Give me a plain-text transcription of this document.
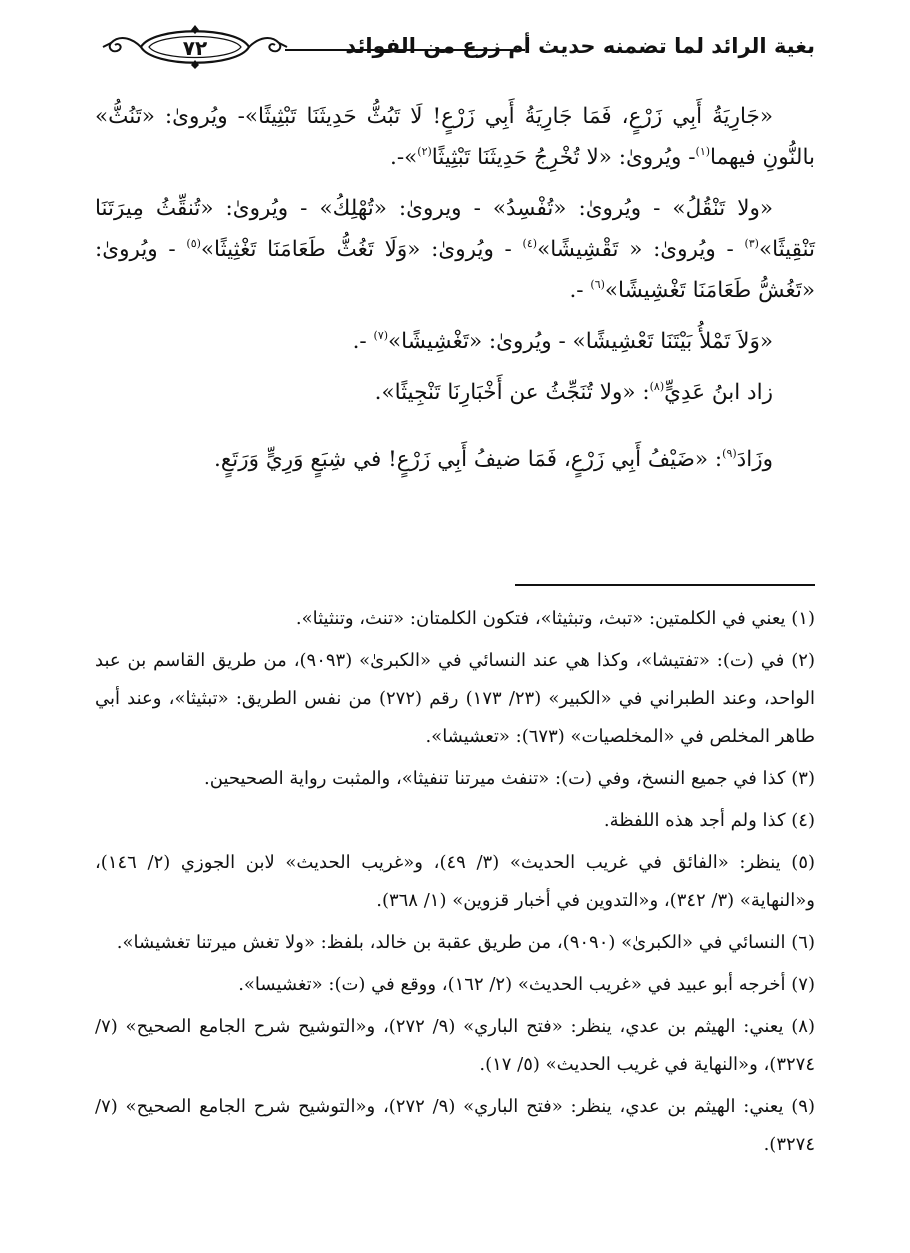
بغية الرائد لما تضمنه حديث أم زرع من الفوائد
٧٢

«جَارِيَةُ أَبِي زَرْعٍ، فَمَا جَارِيَةُ أَبِي زَرْعٍ! لَا تَبُثُّ حَدِيثَنَا تَبْثِيثًا»- ويُروىٰ: «تَنُثُّ» بالنُّونِ فيهما$^{(١)}$- ويُروىٰ: «لا تُخْرِجُ حَدِيثَنَا تَبْثِيثًا$^{(٢)}$»-.

«ولا تَنْقُلُ» - ويُروىٰ: «تُفْسِدُ» - ويروىٰ: «تُهْلِكُ» - ويُروىٰ: «تُنقِّثُ مِيرَتَنَا تَنْقِيثًا»$^{(٣)}$ - ويُروىٰ: « تَقْشِيشًا»$^{(٤)}$ - ويُروىٰ: «وَلَا تَغُثُّ طَعَامَنَا تَغْثِيثًا»$^{(٥)}$ - ويُروىٰ: «تَغُشُّ طَعَامَنَا تَغْشِيشًا»$^{(٦)}$ -.

«وَلاَ تَمْلأُ بَيْتَنَا تَعْشِيشًا» - ويُروىٰ: «تَغْشِيشًا»$^{(٧)}$ -.

زاد ابنُ عَدِيٍّ$^{(٨)}$: «ولا تُنَجِّثُ عن أَخْبَارِنَا تَنْجِيثًا».

وزَادَ$^{(٩)}$: «ضَيْفُ أَبِي زَرْعٍ، فَمَا ضيفُ أَبِي زَرْعٍ! في شِبَعٍ وَرِيٍّ وَرَتَعٍ.

(١) يعني في الكلمتين: «تبث، وتبثيثا»، فتكون الكلمتان: «تنث، وتنثيثا».

(٢) في (ت): «تفتيشا»، وكذا هي عند النسائي في «الكبرىٰ» (٩٠٩٣)، من طريق القاسم بن عبد الواحد، وعند الطبراني في «الكبير» (٢٣/ ١٧٣) رقم (٢٧٢) من نفس الطريق: «تبثيثا»، وعند أبي طاهر المخلص في «المخلصيات» (٦٧٣): «تعشيشا».

(٣) كذا في جميع النسخ، وفي (ت): «تنفث ميرتنا تنفيثا»، والمثبت رواية الصحيحين.

(٤) كذا ولم أجد هذه اللفظة.

(٥) ينظر: «الفائق في غريب الحديث» (٣/ ٤٩)، و«غريب الحديث» لابن الجوزي (٢/ ١٤٦)، و«النهاية» (٣/ ٣٤٢)، و«التدوين في أخبار قزوين» (١/ ٣٦٨).

(٦) النسائي في «الكبرىٰ» (٩٠٩٠)، من طريق عقبة بن خالد، بلفظ: «ولا تغش ميرتنا تغشيشا».

(٧) أخرجه أبو عبيد في «غريب الحديث» (٢/ ١٦٢)، ووقع في (ت): «تغشيسا».

(٨) يعني: الهيثم بن عدي، ينظر: «فتح الباري» (٩/ ٢٧٢)، و«التوشيح شرح الجامع الصحيح» (٧/ ٣٢٧٤)، و«النهاية في غريب الحديث» (٥/ ١٧).

(٩) يعني: الهيثم بن عدي، ينظر: «فتح الباري» (٩/ ٢٧٢)، و«التوشيح شرح الجامع الصحيح» (٧/ ٣٢٧٤).
